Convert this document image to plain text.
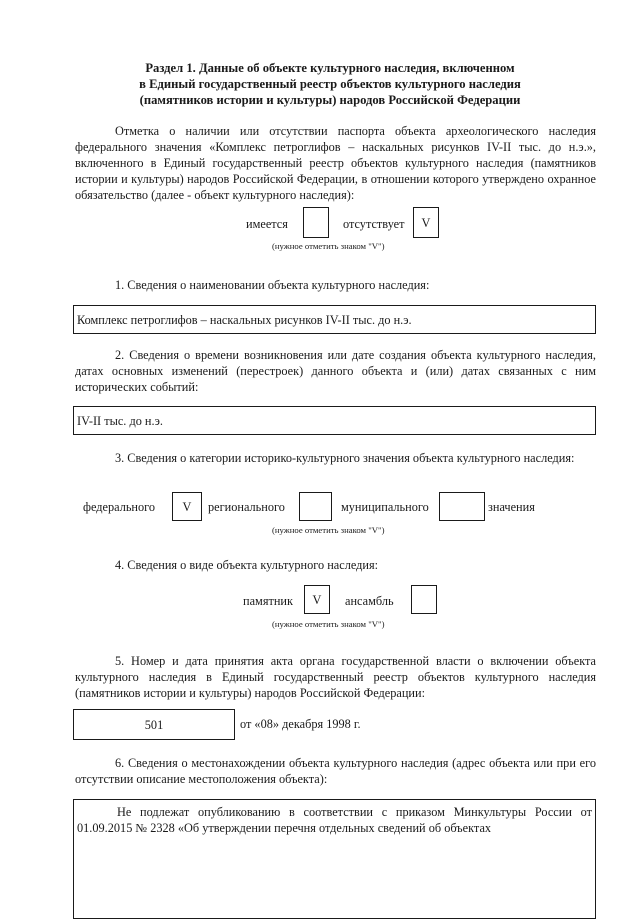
Раздел 1. Данные об объекте культурного наследия, включенном
в Единый государственный реестр объектов культурного наследия
(памятников истории и культуры) народов Российской Федерации
Отметка о наличии или отсутствии паспорта объекта археологического наследия федерального значения «Комплекс петроглифов – наскальных рисунков IV-II тыс. до н.э.», включенного в Единый государственный реестр объектов культурного наследия (памятников истории и культуры) народов Российской Федерации, в отношении которого утверждено охранное обязательство (далее - объект культурного наследия):
имеется	отсутствует	V
(нужное отметить знаком "V")
1. Сведения о наименовании объекта культурного наследия:
Комплекс петроглифов – наскальных рисунков IV-II тыс. до н.э.
2. Сведения о времени возникновения или дате создания объекта культурного наследия, датах основных изменений (перестроек) данного объекта и (или) датах связанных с ним исторических событий:
IV-II тыс. до н.э.
3. Сведения о категории историко-культурного значения объекта культурного наследия:
федерального	V	регионального	муниципального	значения
(нужное отметить знаком "V")
4. Сведения о виде объекта культурного наследия:
памятник	V	ансамбль
(нужное отметить знаком "V")
5. Номер и дата принятия акта органа государственной власти о включении объекта культурного наследия в Единый государственный реестр объектов культурного наследия (памятников истории и культуры) народов Российской Федерации:
501	от «08» декабря 1998 г.
6. Сведения о местонахождении объекта культурного наследия (адрес объекта или при его отсутствии описание местоположения объекта):
Не подлежат опубликованию в соответствии с приказом Минкультуры России от 01.09.2015 № 2328 «Об утверждении перечня отдельных сведений об объектах
